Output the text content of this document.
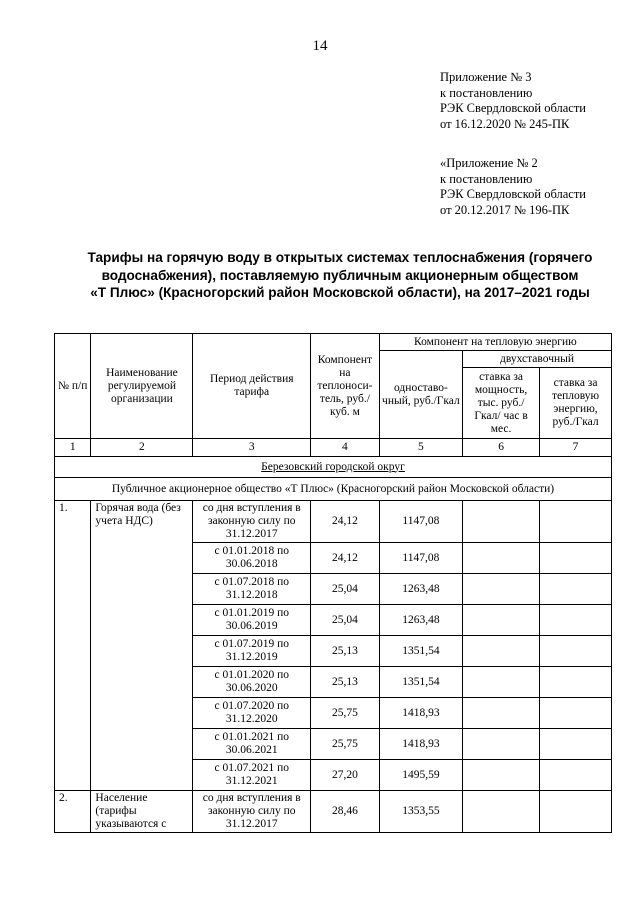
14
Приложение № 3
к постановлению
РЭК Свердловской области
от 16.12.2020 № 245-ПК
«Приложение № 2
к постановлению
РЭК Свердловской области
от 20.12.2017 № 196-ПК
Тарифы на горячую воду в открытых системах теплоснабжения (горячего
водоснабжения), поставляемую публичным акционерным обществом
«Т Плюс» (Красногорский район Московской области), на 2017–2021 годы
№ п/п	Наименование регулируемой организации	Период действия тарифа	Компонент на теплоноси-тель, руб./куб. м	Компонент на тепловую энергию		
				одноставо-чный, руб./Гкал	двухставочный	
					ставка за мощность, тыс. руб./Гкал/ час в мес.	ставка за тепловую энергию, руб./Гкал
1	2	3	4	5	6	7
Березовский городской округ						
Публичное акционерное общество «Т Плюс» (Красногорский район Московской области)						
1.	Горячая вода (без учета НДС)	со дня вступления в законную силу по 31.12.2017	24,12	1147,08		
		с 01.01.2018 по 30.06.2018	24,12	1147,08		
		с 01.07.2018 по 31.12.2018	25,04	1263,48		
		с 01.01.2019 по 30.06.2019	25,04	1263,48		
		с 01.07.2019 по 31.12.2019	25,13	1351,54		
		с 01.01.2020 по 30.06.2020	25,13	1351,54		
		с 01.07.2020 по 31.12.2020	25,75	1418,93		
		с 01.01.2021 по 30.06.2021	25,75	1418,93		
		с 01.07.2021 по 31.12.2021	27,20	1495,59		
2.	Население (тарифы указываются с	со дня вступления в законную силу по 31.12.2017	28,46	1353,55		
